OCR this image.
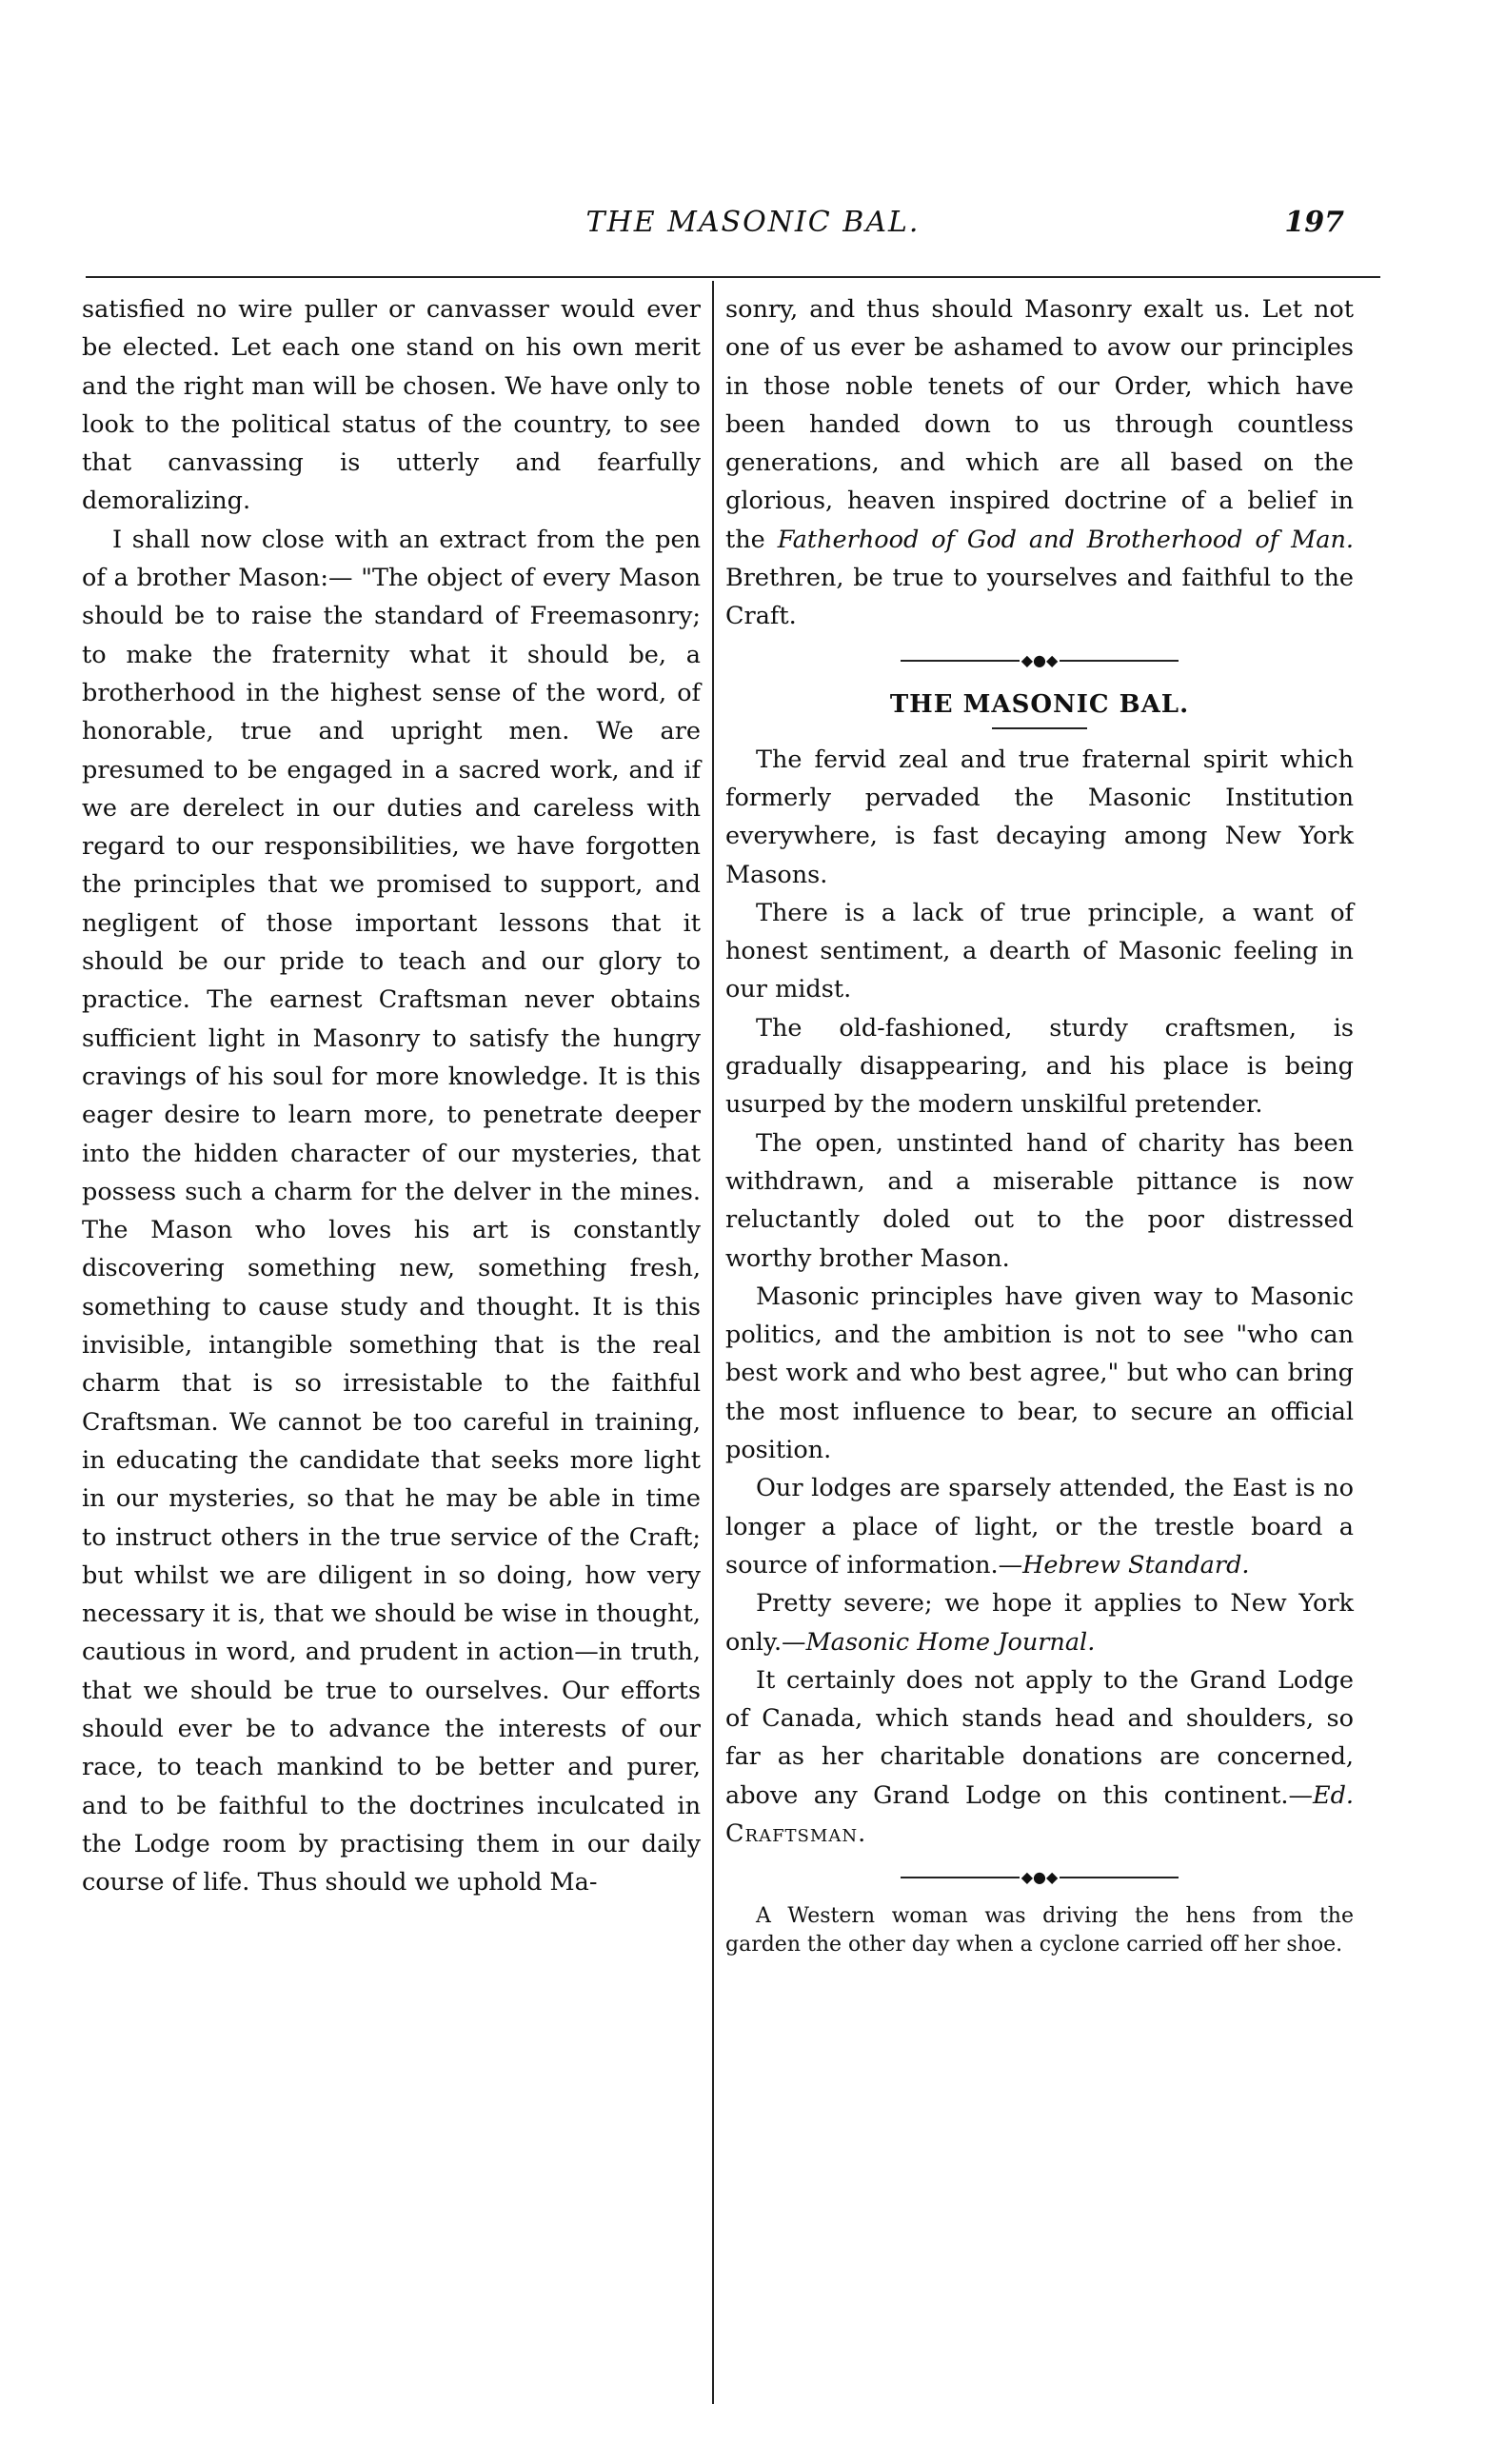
THE MASONIC BAL.	197

satisfied no wire puller or canvasser would ever be elected. Let each one stand on his own merit and the right man will be chosen. We have only to look to the political status of the country, to see that canvassing is utterly and fearfully demoralizing.

I shall now close with an extract from the pen of a brother Mason:— "The object of every Mason should be to raise the standard of Freemasonry; to make the fraternity what it should be, a brotherhood in the highest sense of the word, of honorable, true and upright men. We are presumed to be engaged in a sacred work, and if we are derelect in our duties and careless with regard to our responsibilities, we have forgotten the principles that we promised to support, and negligent of those important lessons that it should be our pride to teach and our glory to practice. The earnest Craftsman never obtains sufficient light in Masonry to satisfy the hungry cravings of his soul for more knowledge. It is this eager desire to learn more, to penetrate deeper into the hidden character of our mysteries, that possess such a charm for the delver in the mines. The Mason who loves his art is constantly discovering something new, something fresh, something to cause study and thought. It is this invisible, intangible something that is the real charm that is so irresistable to the faithful Craftsman. We cannot be too careful in training, in educating the candidate that seeks more light in our mysteries, so that he may be able in time to instruct others in the true service of the Craft; but whilst we are diligent in so doing, how very necessary it is, that we should be wise in thought, cautious in word, and prudent in action—in truth, that we should be true to ourselves. Our efforts should ever be to advance the interests of our race, to teach mankind to be better and purer, and to be faithful to the doctrines inculcated in the Lodge room by practising them in our daily course of life. Thus should we uphold Ma-

sonry, and thus should Masonry exalt us. Let not one of us ever be ashamed to avow our principles in those noble tenets of our Order, which have been handed down to us through countless generations, and which are all based on the glorious, heaven inspired doctrine of a belief in the Fatherhood of God and Brotherhood of Man. Brethren, be true to yourselves and faithful to the Craft.

◆●◆
THE MASONIC BAL.

The fervid zeal and true fraternal spirit which formerly pervaded the Masonic Institution everywhere, is fast decaying among New York Masons.

There is a lack of true principle, a want of honest sentiment, a dearth of Masonic feeling in our midst.

The old-fashioned, sturdy craftsmen, is gradually disappearing, and his place is being usurped by the modern unskilful pretender.

The open, unstinted hand of charity has been withdrawn, and a miserable pittance is now reluctantly doled out to the poor distressed worthy brother Mason.

Masonic principles have given way to Masonic politics, and the ambition is not to see "who can best work and who best agree," but who can bring the most influence to bear, to secure an official position.

Our lodges are sparsely attended, the East is no longer a place of light, or the trestle board a source of information.—Hebrew Standard.

Pretty severe; we hope it applies to New York only.—Masonic Home Journal.

It certainly does not apply to the Grand Lodge of Canada, which stands head and shoulders, so far as her charitable donations are concerned, above any Grand Lodge on this continent.—Ed. Craftsman.

◆●◆

A Western woman was driving the hens from the garden the other day when a cyclone carried off her shoe.
